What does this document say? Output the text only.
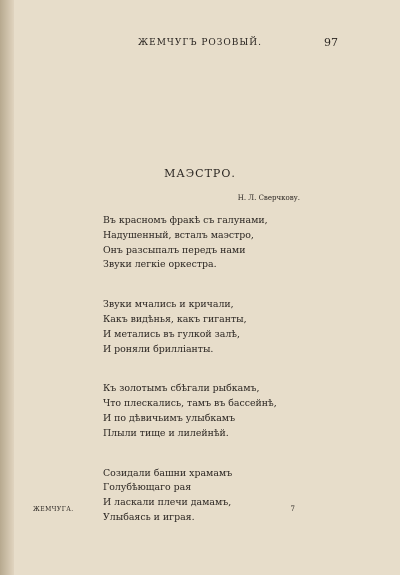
ЖЕМЧУГЪ РОЗОВЫЙ.	97
МАЭСТРО.
Н. Л. Сверчкову.
Въ красномъ фракѣ съ галунами,
Надушенный, всталъ маэстро,
Онъ разсыпалъ передъ нами
Звуки легкiе оркестра.
Звуки мчались и кричали,
Какъ видѣнья, какъ гиганты,
И метались въ гулкой залѣ,
И роняли брилліанты.
Къ золотымъ сбѣгали рыбкамъ,
Что плескались, тамъ въ бассейнѣ,
И по дѣвичьимъ улыбкамъ
Плыли тище и лилейнѣй.
Созидали башни храмамъ
Голубѣющаго рая
И ласкали плечи дамамъ,
Улыбаясь и играя.
ЖЕМЧУГА.	7
